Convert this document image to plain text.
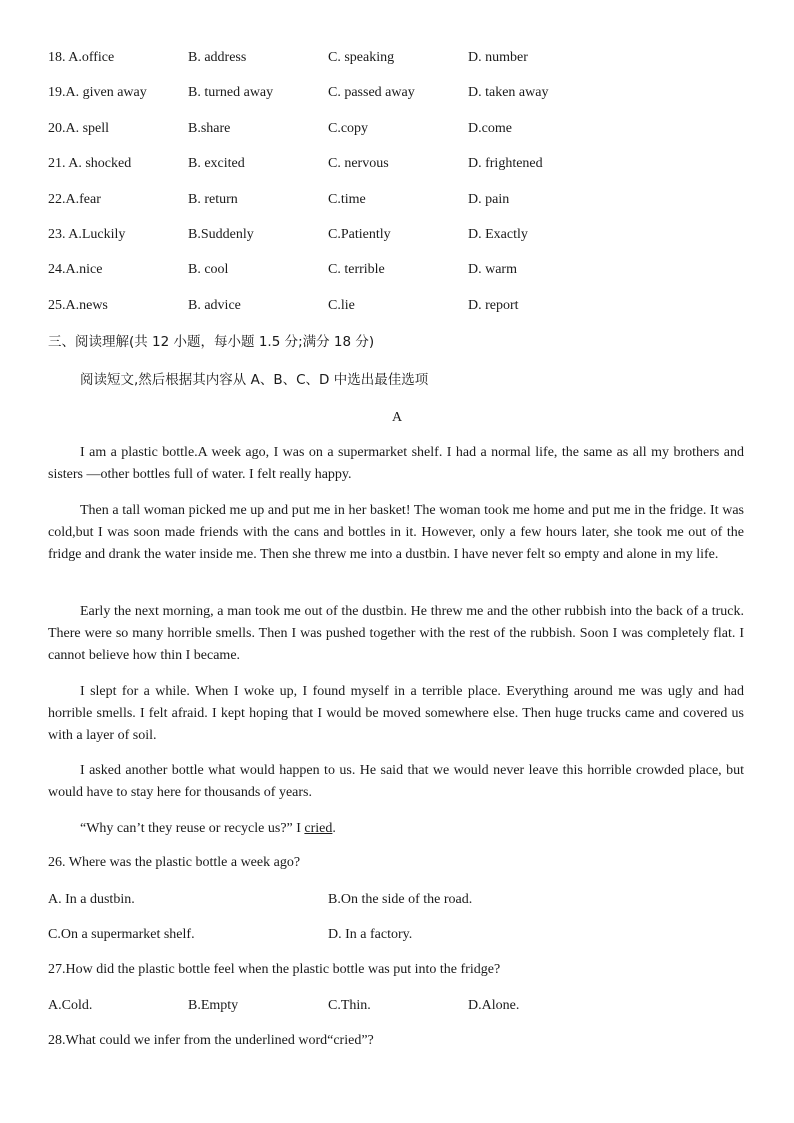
18. A.office	B. address	C. speaking	D. number
19.A. given away	B. turned away	C. passed away	D. taken away
20.A. spell	B.share	C.copy	D.come
21. A. shocked	B. excited	C. nervous	D. frightened
22.A.fear	B. return	C.time	D. pain
23. A.Luckily	B.Suddenly	C.Patiently	D. Exactly
24.A.nice	B. cool	C. terrible	D. warm
25.A.news	B. advice	C.lie	D. report
三、阅读理解(共 12 小题，每小题 1.5 分;满分 18 分)
阅读短文,然后根据其内容从 A、B、C、D 中选出最佳选项
A

I am a plastic bottle.A week ago, I was on a supermarket shelf. I had a normal life, the same as all my brothers and sisters —other bottles full of water. I felt really happy.

Then a tall woman picked me up and put me in her basket! The woman took me home and put me in the fridge. It was cold,but I was soon made friends with the cans and bottles in it. However, only a few hours later, she took me out of the fridge and drank the water inside me. Then she threw me into a dustbin. I have never felt so empty and alone in my life.

Early the next morning, a man took me out of the dustbin. He threw me and the other rubbish into the back of a truck. There were so many horrible smells. Then I was pushed together with the rest of the rubbish. Soon I was completely flat. I cannot believe how thin I became.

I slept for a while. When I woke up, I found myself in a terrible place. Everything around me was ugly and had horrible smells. I felt afraid. I kept hoping that I would be moved somewhere else. Then huge trucks came and covered us with a layer of soil.

I asked another bottle what would happen to us. He said that we would never leave this horrible crowded place, but would have to stay here for thousands of years.

“Why can’t they reuse or recycle us?” I cried.

26. Where was the plastic bottle a week ago?
A. In a dustbin.	B.On the side of the road.
C.On a supermarket shelf.	D. In a factory.
27.How did the plastic bottle feel when the plastic bottle was put into the fridge?
A.Cold.	B.Empty	C.Thin.	D.Alone.
28.What could we infer from the underlined word“cried”?
